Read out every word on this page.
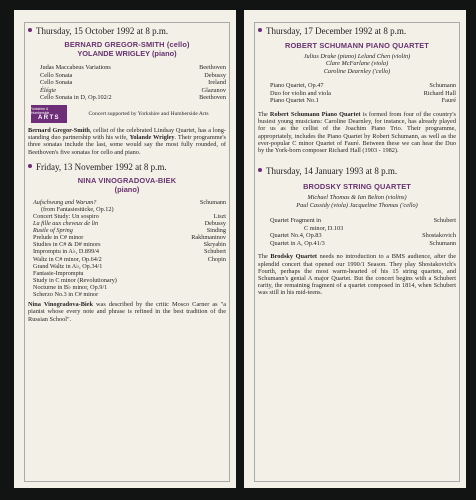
Thursday, 15 October 1992 at 8 p.m.
BERNARD GREGOR-SMITH (cello)
YOLANDE WRIGLEY (piano)
Judas Maccabeus Variations	Beethoven
Cello Sonata	Debussy
Cello Sonata	Ireland
Élégie	Glazunov
Cello Sonata in D, Op.102/2	Beethoven
Yorkshire & Humberside
ARTS
Concert supported by Yorkshire and Humberside Arts

Bernard Gregor-Smith, cellist of the celebrated Lindsay Quartet, has a long-standing duo partnership with his wife, Yolande Wrigley. Their programme's three sonatas include the last, some would say the most fully rounded, of Beethoven's five sonatas for cello and piano.

Friday, 13 November 1992 at 8 p.m.
NINA VINOGRADOVA-BIEK
(piano)
Aufschwung and Warum?	Schumann
(from Fantasiestücke, Op.12)
Concert Study: Un sospiro	Liszt
La fille aux cheveux de lin	Debussy
Rustle of Spring	Sinding
Prelude in C# minor	Rakhmaninov
Studies in C# & D# minors	Skryabin
Impromptu in A♭, D.899/4	Schubert
Waltz in C# minor, Op.64/2	Chopin
Grand Waltz in A♭, Op.34/1
Fantasie-Impromptu
Study in C minor (Revolutionary)
Nocturne in B♭ minor, Op.9/1
Scherzo No.3 in C# minor

Nina Vinogradova-Biek was described by the critic Mosco Carner as "a pianist whose every note and phrase is refined in the best tradition of the Russian School".

Thursday, 17 December 1992 at 8 p.m.
ROBERT SCHUMANN PIANO QUARTET
Julius Drake (piano) Leland Chen (violin)
Clare McFarlane (viola)
Caroline Dearnley ('cello)
Piano Quartet, Op.47	Schumann
Duo for violin and viola	Richard Hall
Piano Quartet No.1	Fauré

The Robert Schumann Piano Quartet is formed from four of the country's busiest young musicians: Caroline Dearnley, for instance, has already played for us as the cellist of the Joachim Piano Trio. Their programme, appropriately, includes the Piano Quartet by Robert Schumann, as well as the ever-popular C minor Quartet of Fauré. Between these we can hear the Duo by the York-born composer Richard Hall (1903 - 1982).

Thursday, 14 January 1993 at 8 p.m.
BRODSKY STRING QUARTET
Michael Thomas & Ian Belton (violins)
Paul Cassidy (viola) Jacqueline Thomas ('cello)
Quartet Fragment in	Schubert
C minor, D.103
Quartet No.4, Op.83	Shostakovich
Quartet in A, Op.41/3	Schumann

The Brodsky Quartet needs no introduction to a BMS audience, after the splendid concert that opened our 1990/1 Season. They play Shostakovich's Fourth, perhaps the most warm-hearted of his 15 string quartets, and Schumann's genial A major Quartet. But the concert begins with a Schubert rarity, the remaining fragment of a quartet composed in 1814, when Schubert was still in his mid-teens.
